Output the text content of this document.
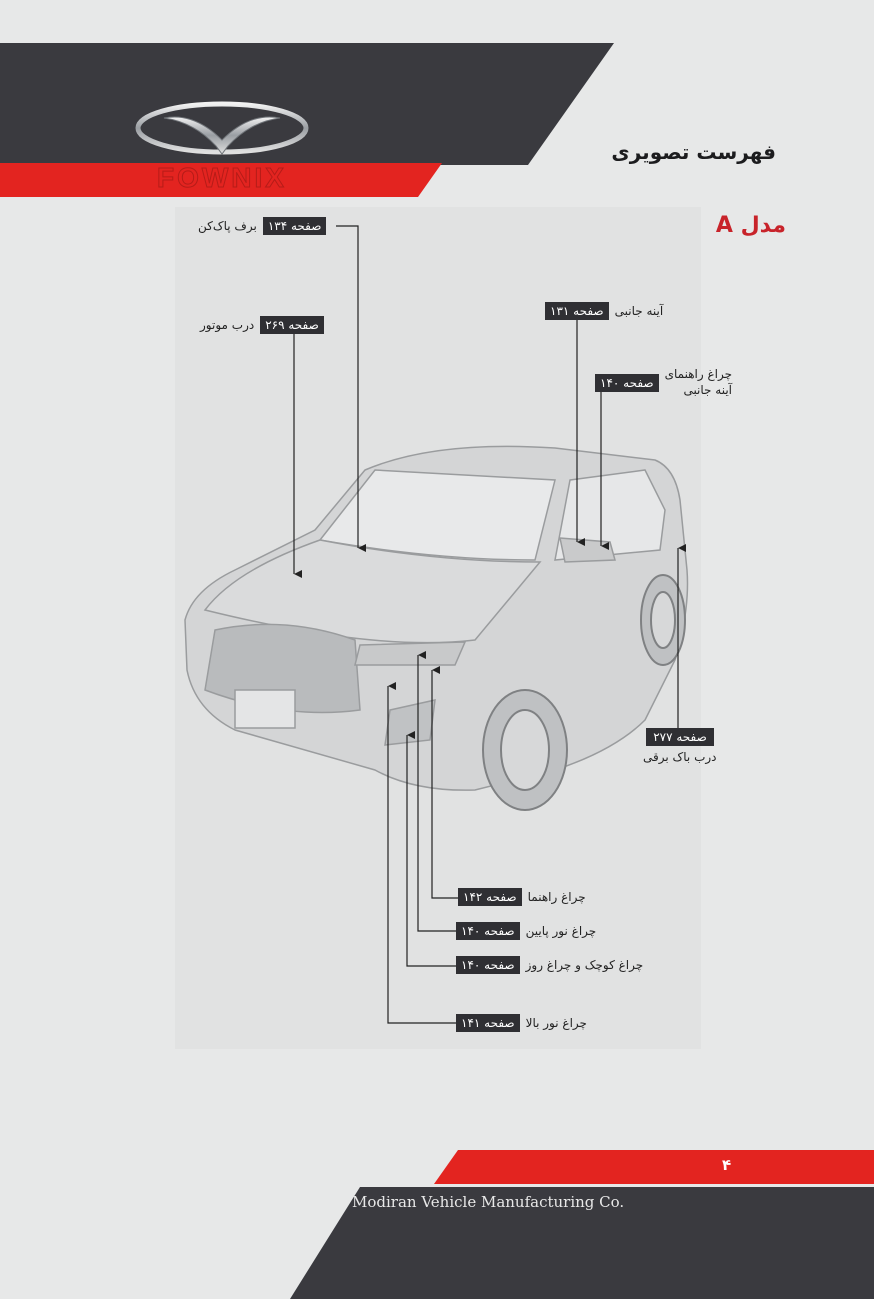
FOWNIX
فهرست تصویری
مدل A
برف پاک‌کن صفحه ۱۳۴
درب موتور صفحه ۲۶۹
صفحه ۱۳۱ آینه جانبی
صفحه ۱۴۰
چراغ راهنمای
آینه جانبی
صفحه ۲۷۷
درب باک برقی
صفحه ۱۴۲ چراغ راهنما
صفحه ۱۴۰ چراغ نور پایین
صفحه ۱۴۰ چراغ کوچک و چراغ روز
صفحه ۱۴۱ چراغ نور بالا
۴
Modiran Vehicle Manufacturing Co.
